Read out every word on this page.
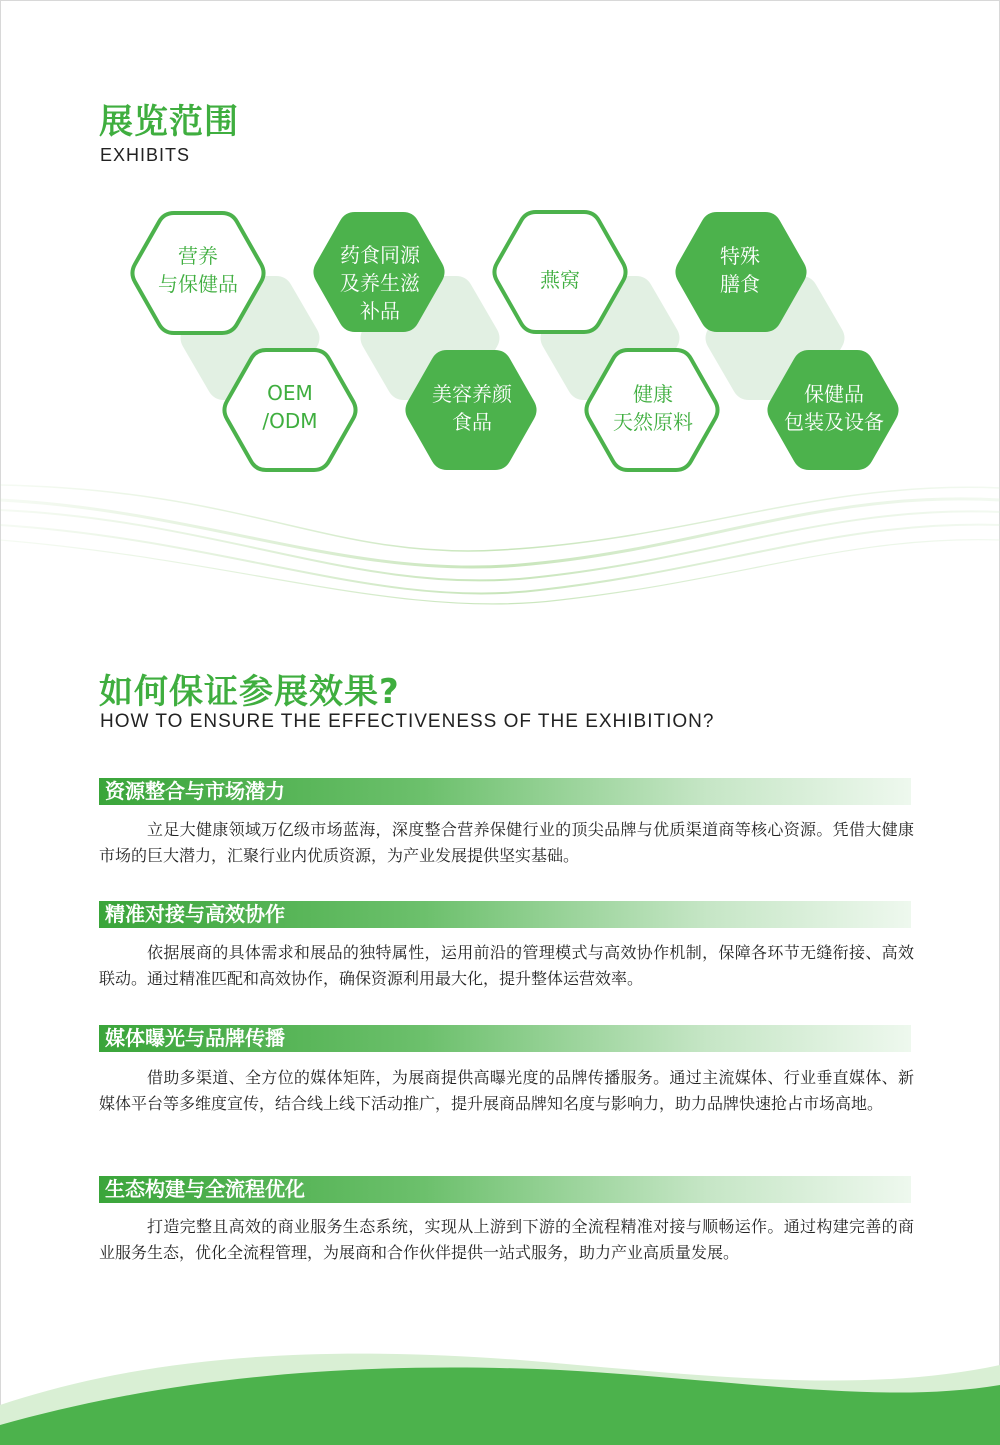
展览范围

EXHIBITS

营养
与保健品
药食同源
及养生滋
补品
燕窝
特殊
膳食
OEM
/ODM
美容养颜
食品
健康
天然原料
保健品
包装及设备
如何保证参展效果?

HOW TO ENSURE THE EFFECTIVENESS OF THE EXHIBITION?

资源整合与市场潜力

立足大健康领域万亿级市场蓝海，深度整合营养保健行业的顶尖品牌与优质渠道商等核心资源。凭借大健康市场的巨大潜力，汇聚行业内优质资源，为产业发展提供坚实基础。

精准对接与高效协作

依据展商的具体需求和展品的独特属性，运用前沿的管理模式与高效协作机制，保障各环节无缝衔接、高效联动。通过精准匹配和高效协作，确保资源利用最大化，提升整体运营效率。

媒体曝光与品牌传播

借助多渠道、全方位的媒体矩阵，为展商提供高曝光度的品牌传播服务。通过主流媒体、行业垂直媒体、新媒体平台等多维度宣传，结合线上线下活动推广，提升展商品牌知名度与影响力，助力品牌快速抢占市场高地。

生态构建与全流程优化

打造完整且高效的商业服务生态系统，实现从上游到下游的全流程精准对接与顺畅运作。通过构建完善的商业服务生态，优化全流程管理，为展商和合作伙伴提供一站式服务，助力产业高质量发展。
